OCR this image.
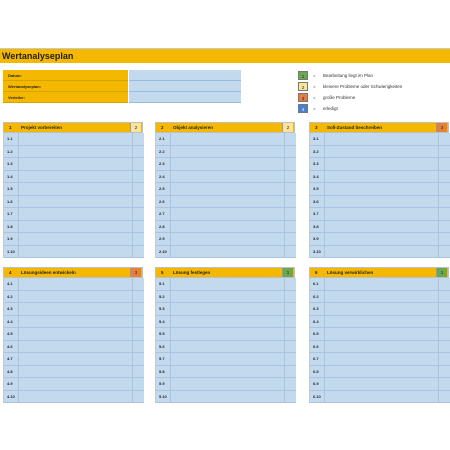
Wertanalyseplan
Datum:
Wertanalyseplan:
Verteiler:
1	= Bearbeitung liegt im Plan
2	= kleinere Probleme oder Schwierigkeiten
3	= große Probleme
4	= erledigt
1 Projekt vorbereiten	2
1.1
1.2
1.3
1.4
1.5
1.6
1.7
1.8
1.9
1.10
2 Objekt analysieren	2
2.1
2.2
2.3
2.4
2.5
2.6
2.7
2.8
2.9
2.10
3 Soll-Zustand beschreiben	3
3.1
3.2
3.3
3.4
3.5
3.6
3.7
3.8
3.9
3.10
4 Lösungsideen entwickeln	3
4.1
4.2
4.3
4.4
4.5
4.6
4.7
4.8
4.9
4.10
5 Lösung festlegen	1
5.1
5.2
5.3
5.4
5.5
5.6
5.7
5.8
5.9
5.10
6 Lösung verwirklichen	1
6.1
6.2
6.3
6.4
6.5
6.6
6.7
6.8
6.9
6.10
